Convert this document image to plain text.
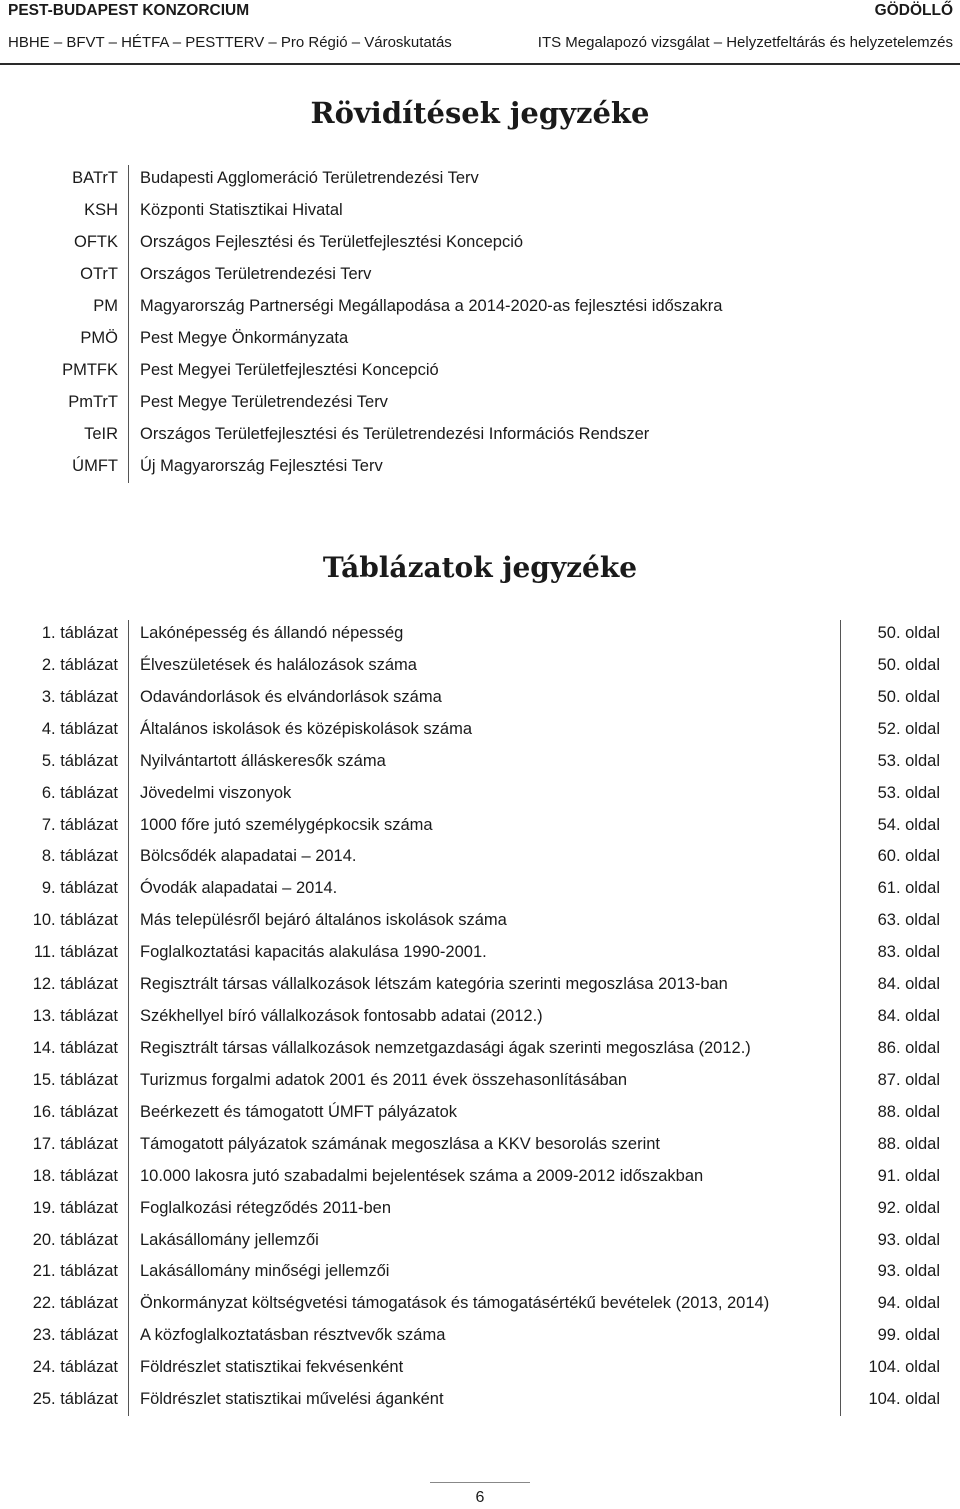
PEST-BUDAPEST KONZORCIUM	GÖDÖLLŐ
HBHE – BFVT – HÉTFA – PESTTERV – Pro Régió – Városkutatás	ITS Megalapozó vizsgálat – Helyzetfeltárás és helyzetelemzés
Rövidítések jegyzéke
BATrT Budapesti Agglomeráció Területrendezési Terv
KSH Központi Statisztikai Hivatal
OFTK Országos Fejlesztési és Területfejlesztési Koncepció
OTrT Országos Területrendezési Terv
PM Magyarország Partnerségi Megállapodása a 2014-2020-as fejlesztési időszakra
PMÖ Pest Megye Önkormányzata
PMTFK Pest Megyei Területfejlesztési Koncepció
PmTrT Pest Megye Területrendezési Terv
TeIR Országos Területfejlesztési és Területrendezési Információs Rendszer
ÚMFT Új Magyarország Fejlesztési Terv
Táblázatok jegyzéke
1. táblázat Lakónépesség és állandó népesség	50. oldal
2. táblázat Élveszületések és halálozások száma	50. oldal
3. táblázat Odavándorlások és elvándorlások száma	50. oldal
4. táblázat Általános iskolások és középiskolások száma	52. oldal
5. táblázat Nyilvántartott álláskeresők száma	53. oldal
6. táblázat Jövedelmi viszonyok	53. oldal
7. táblázat 1000 főre jutó személygépkocsik száma	54. oldal
8. táblázat Bölcsődék alapadatai – 2014.	60. oldal
9. táblázat Óvodák alapadatai – 2014.	61. oldal
10. táblázat Más településről bejáró általános iskolások száma	63. oldal
11. táblázat Foglalkoztatási kapacitás alakulása 1990-2001.	83. oldal
12. táblázat Regisztrált társas vállalkozások létszám kategória szerinti megoszlása 2013-ban	84. oldal
13. táblázat Székhellyel bíró vállalkozások fontosabb adatai (2012.)	84. oldal
14. táblázat Regisztrált társas vállalkozások nemzetgazdasági ágak szerinti megoszlása (2012.)	86. oldal
15. táblázat Turizmus forgalmi adatok 2001 és 2011 évek összehasonlításában	87. oldal
16. táblázat Beérkezett és támogatott ÚMFT pályázatok	88. oldal
17. táblázat Támogatott pályázatok számának megoszlása a KKV besorolás szerint	88. oldal
18. táblázat 10.000 lakosra jutó szabadalmi bejelentések száma a 2009-2012 időszakban	91. oldal
19. táblázat Foglalkozási rétegződés 2011-ben	92. oldal
20. táblázat Lakásállomány jellemzői	93. oldal
21. táblázat Lakásállomány minőségi jellemzői	93. oldal
22. táblázat Önkormányzat költségvetési támogatások és támogatásértékű bevételek (2013, 2014)	94. oldal
23. táblázat A közfoglalkoztatásban résztvevők száma	99. oldal
24. táblázat Földrészlet statisztikai fekvésenként	104. oldal
25. táblázat Földrészlet statisztikai művelési áganként	104. oldal
6
